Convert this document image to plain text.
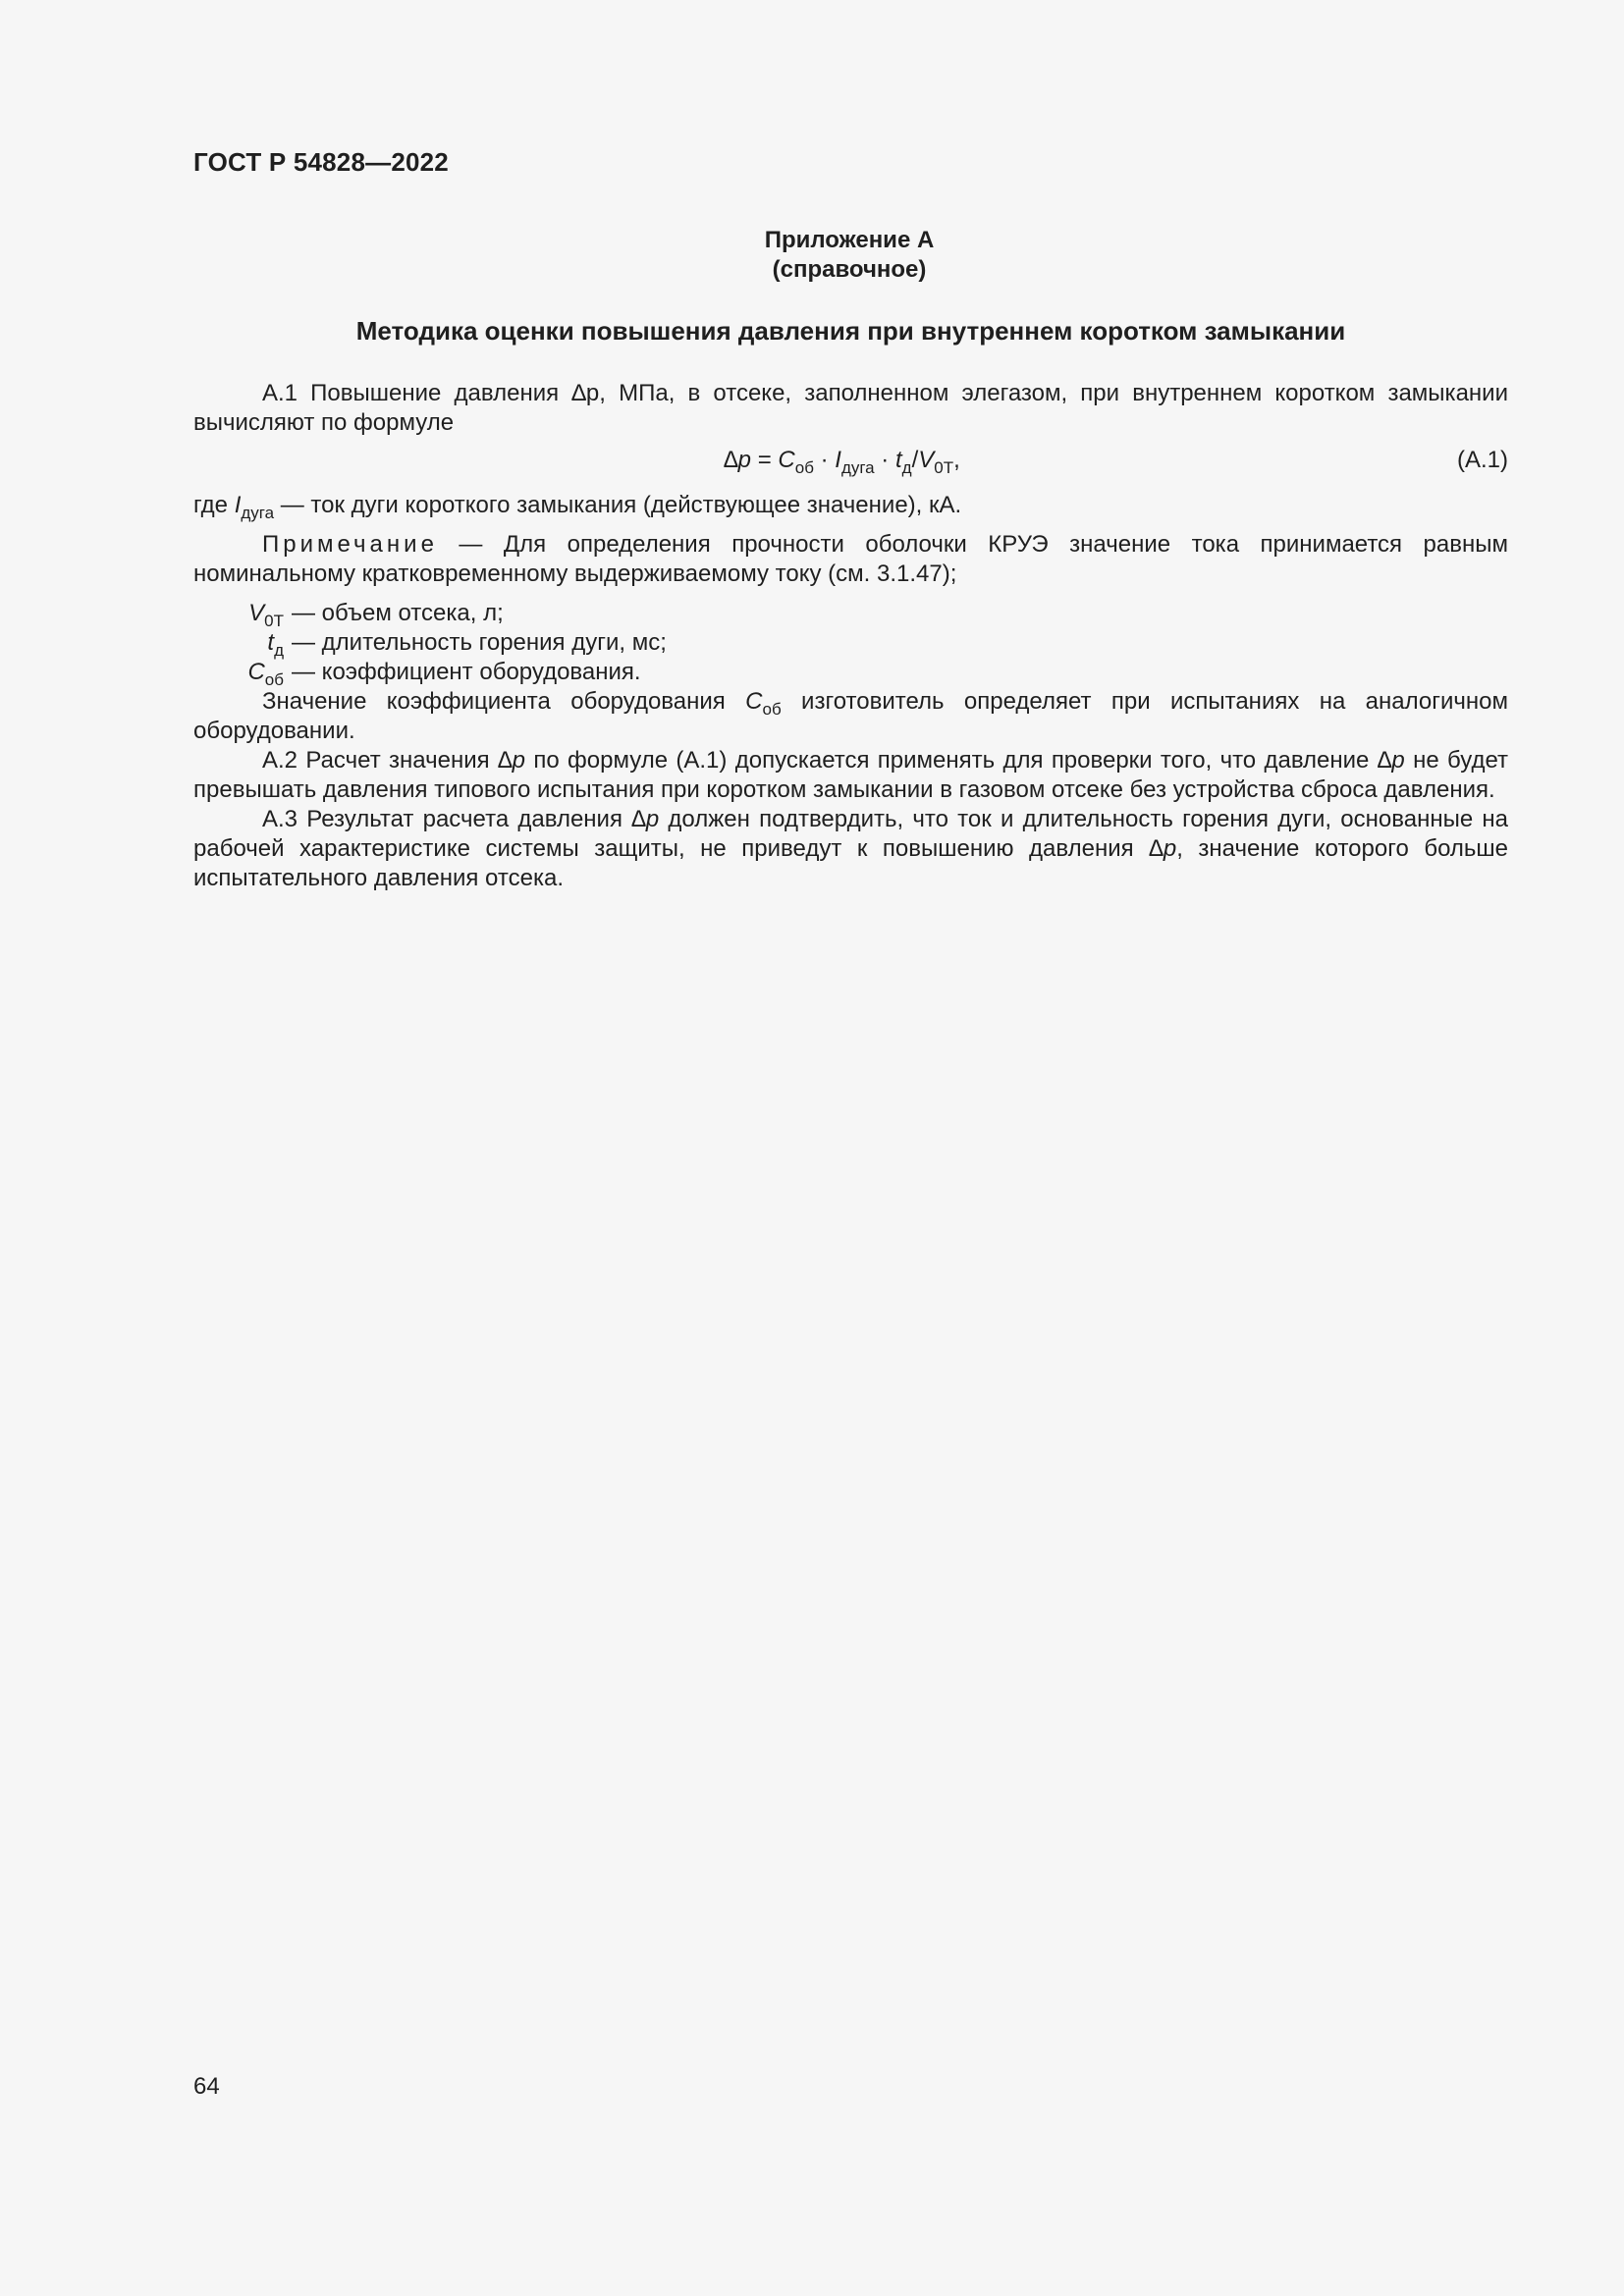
ГОСТ Р 54828—2022
Приложение А
(справочное)
Методика оценки повышения давления при внутреннем коротком замыкании

А.1 Повышение давления ∆р, МПа, в отсеке, заполненном элегазом, при внутреннем коротком замыкании вычисляют по формуле

$\Delta p = C_{об} \cdot I_{дуга} \cdot t_д/V_{0T}$,	(А.1)

где $I_{дуга}$ — ток дуги короткого замыкания (действующее значение), кА.

Примечание — Для определения прочности оболочки КРУЭ значение тока принимается равным номинальному кратковременному выдерживаемому току (см. 3.1.47);

$V_{0T}$ — объем отсека, л;
$t_д$ — длительность горения дуги, мс;
$C_{об}$ — коэффициент оборудования.

Значение коэффициента оборудования $C_{об}$ изготовитель определяет при испытаниях на аналогичном оборудовании.

А.2 Расчет значения ∆p по формуле (А.1) допускается применять для проверки того, что давление ∆p не будет превышать давления типового испытания при коротком замыкании в газовом отсеке без устройства сброса давления.

А.3 Результат расчета давления ∆p должен подтвердить, что ток и длительность горения дуги, основанные на рабочей характеристике системы защиты, не приведут к повышению давления ∆p, значение которого больше испытательного давления отсека.

64
